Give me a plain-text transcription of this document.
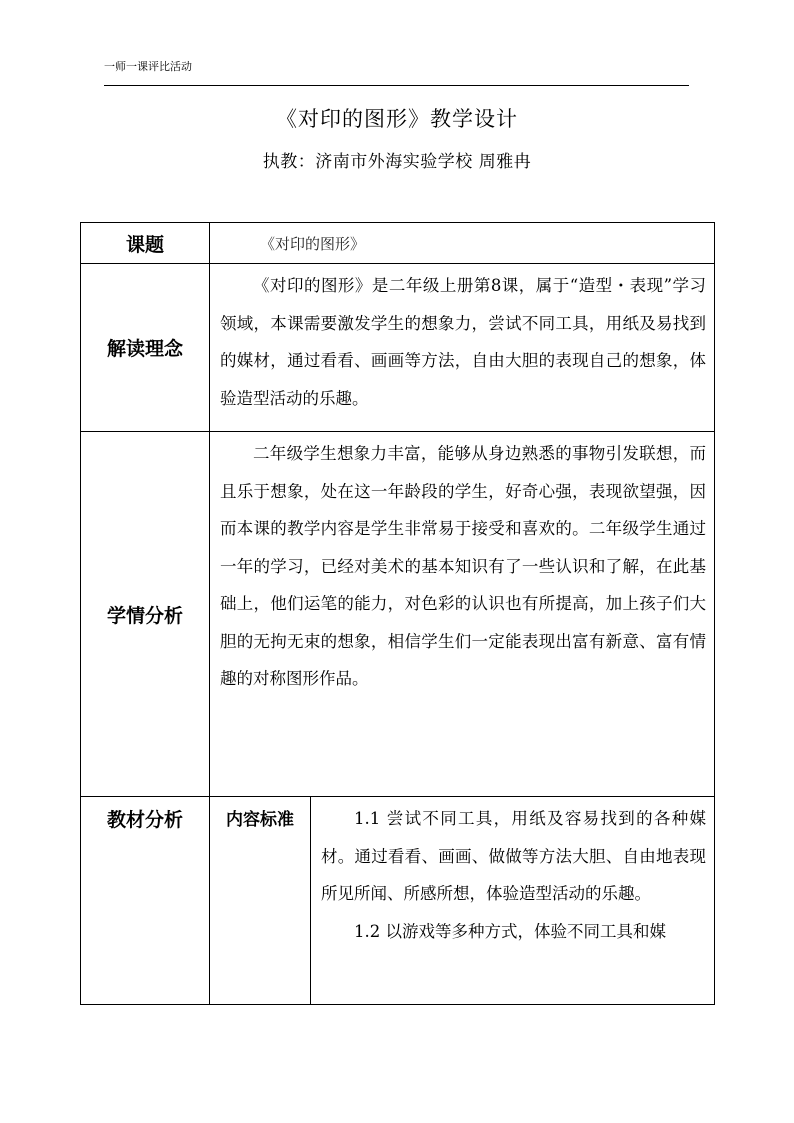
一师一课评比活动
《对印的图形》教学设计
执教：济南市外海实验学校 周雅冉
课题	《对印的图形》	
解读理念	《对印的图形》是二年级上册第8课，属于“造型・表现”学习领域，本课需要激发学生的想象力，尝试不同工具，用纸及易找到的媒材，通过看看、画画等方法，自由大胆的表现自己的想象，体验造型活动的乐趣。	

学情分析	二年级学生想象力丰富，能够从身边熟悉的事物引发联想，而且乐于想象，处在这一年龄段的学生，好奇心强，表现欲望强，因而本课的教学内容是学生非常易于接受和喜欢的。二年级学生通过一年的学习，已经对美术的基本知识有了一些认识和了解，在此基础上，他们运笔的能力，对色彩的认识也有所提高，加上孩子们大胆的无拘无束的想象，相信学生们一定能表现出富有新意、富有情趣的对称图形作品。	

教材分析	内容标准	1.1 尝试不同工具，用纸及容易找到的各种媒材。通过看看、画画、做做等方法大胆、自由地表现所见所闻、所感所想，体验造型活动的乐趣。

1.2 以游戏等多种方式，体验不同工具和媒
